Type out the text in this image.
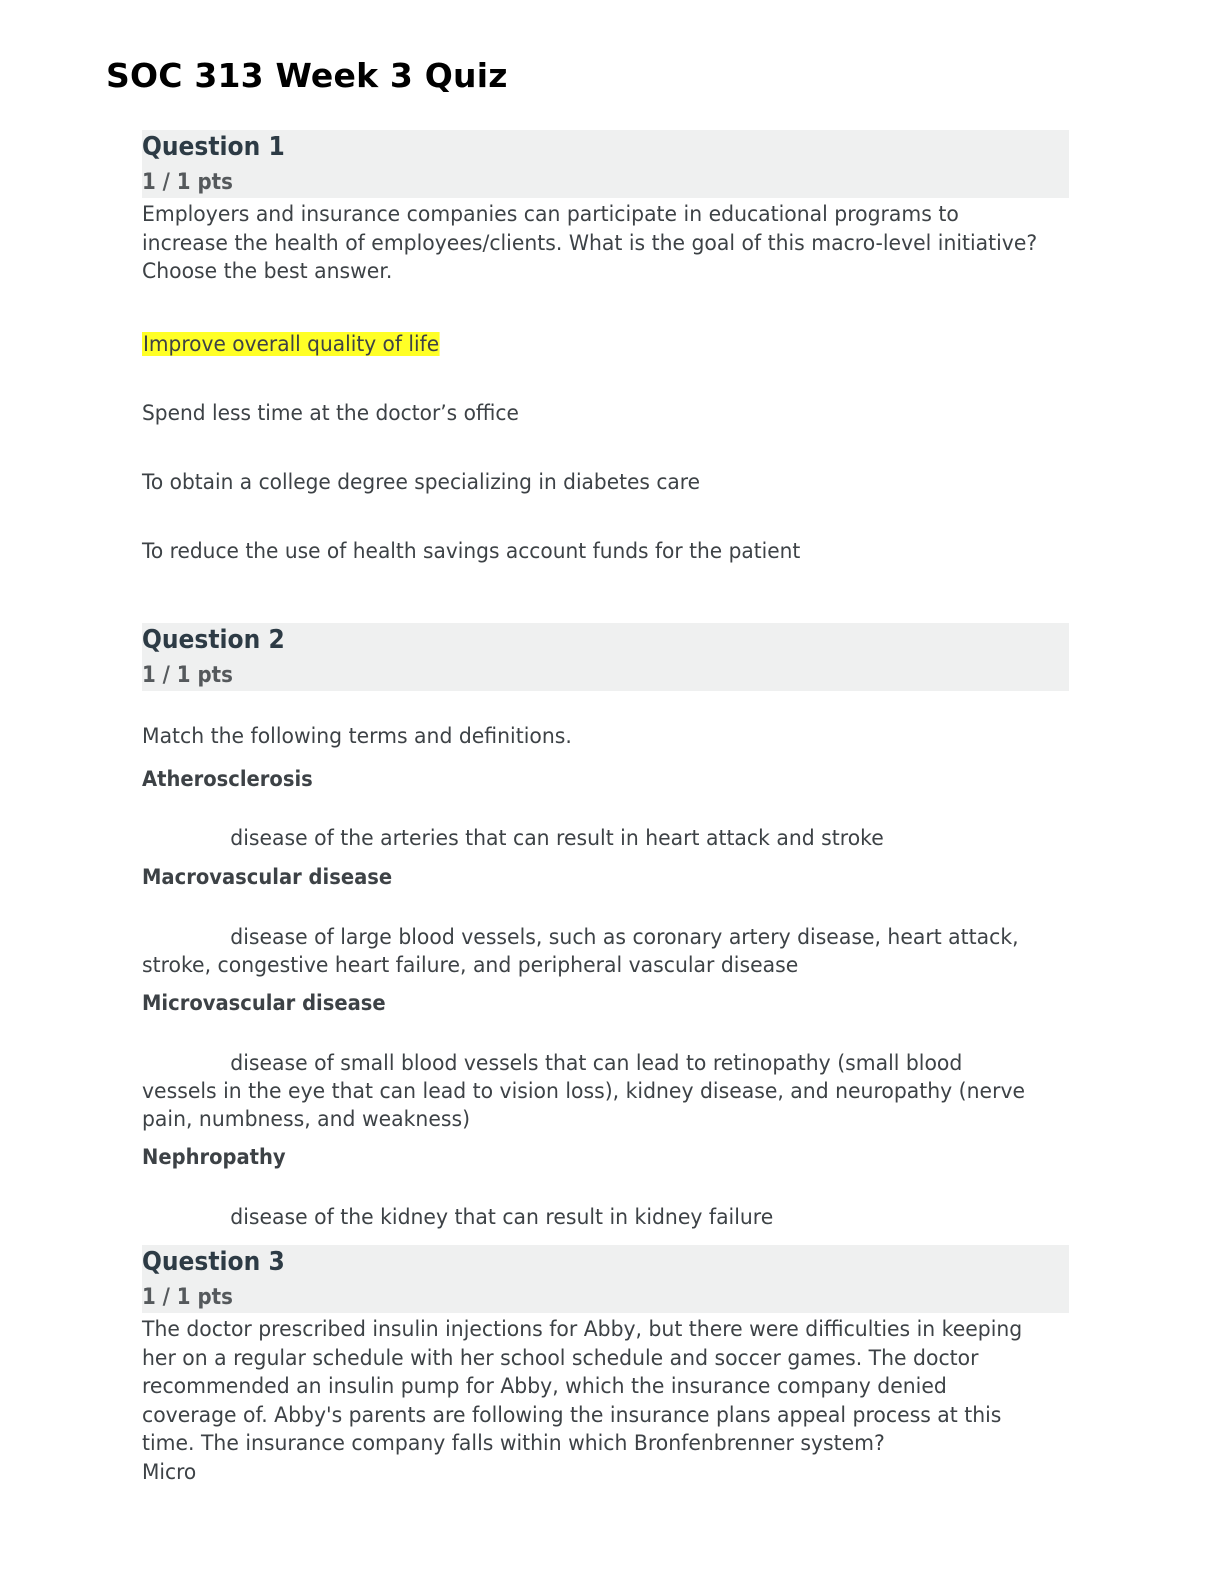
SOC 313 Week 3 Quiz
Question 1
1 / 1 pts
Employers and insurance companies can participate in educational programs to increase the health of employees/clients. What is the goal of this macro-level initiative? Choose the best answer.
Improve overall quality of life
Spend less time at the doctor’s office
To obtain a college degree specializing in diabetes care
To reduce the use of health savings account funds for the patient
Question 2
1 / 1 pts
Match the following terms and definitions.
Atherosclerosis
disease of the arteries that can result in heart attack and stroke
Macrovascular disease
disease of large blood vessels, such as coronary artery disease, heart attack, stroke, congestive heart failure, and peripheral vascular disease
Microvascular disease
disease of small blood vessels that can lead to retinopathy (small blood vessels in the eye that can lead to vision loss), kidney disease, and neuropathy (nerve pain, numbness, and weakness)
Nephropathy
disease of the kidney that can result in kidney failure
Question 3
1 / 1 pts
The doctor prescribed insulin injections for Abby, but there were difficulties in keeping her on a regular schedule with her school schedule and soccer games. The doctor recommended an insulin pump for Abby, which the insurance company denied coverage of. Abby's parents are following the insurance plans appeal process at this time. The insurance company falls within which Bronfenbrenner system?
Micro
